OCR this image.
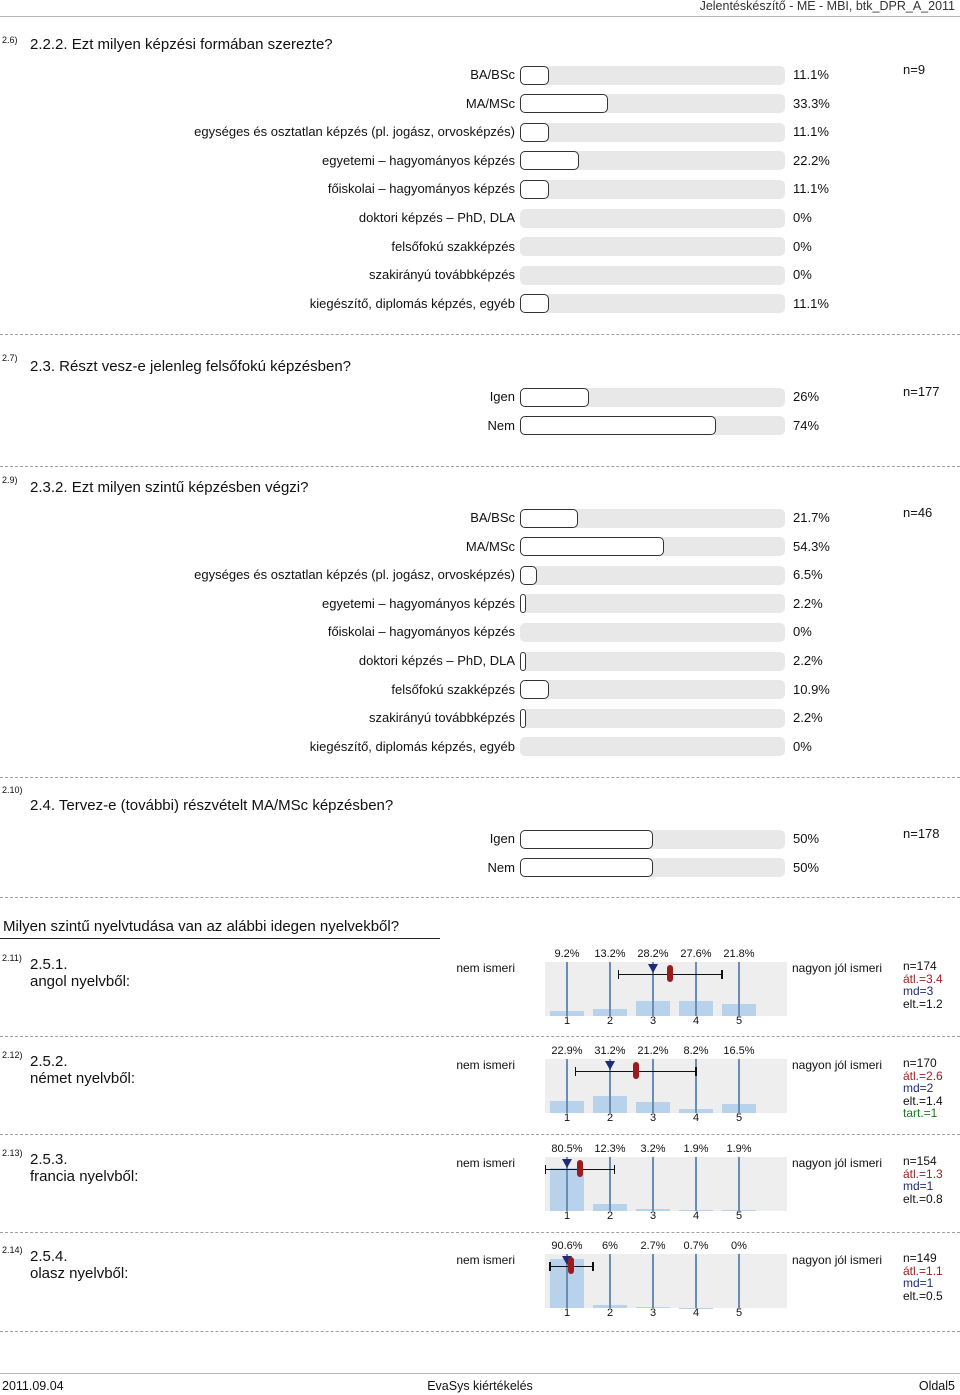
Jelentéskészítő - ME - MBI, btk_DPR_A_2011
Milyen szintű nyelvtudása van az alábbi idegen nyelvekből?
2011.09.04	EvaSys kiértékelés	Oldal5
2.6) 2.2.2. Ezt milyen képzési formában szerezte?
n=9
BA/BSc	11.1%
MA/MSc	33.3%
egységes és osztatlan képzés (pl. jogász, orvosképzés)	11.1%
egyetemi – hagyományos képzés	22.2%
főiskolai – hagyományos képzés	11.1%
doktori képzés – PhD, DLA	0%
felsőfokú szakképzés	0%
szakirányú továbbképzés	0%
kiegészítő, diplomás képzés, egyéb	11.1%
2.7)
2.3. Részt vesz-e jelenleg felsőfokú képzésben?
n=177
Igen	26%
Nem	74%
2.9) 2.3.2. Ezt milyen szintű képzésben végzi?
n=46
BA/BSc	21.7%
MA/MSc	54.3%
egységes és osztatlan képzés (pl. jogász, orvosképzés)	6.5%
egyetemi – hagyományos képzés	2.2%
főiskolai – hagyományos képzés	0%
doktori képzés – PhD, DLA	2.2%
felsőfokú szakképzés	10.9%
szakirányú továbbképzés	2.2%
kiegészítő, diplomás képzés, egyéb	0%
2.10)
2.4. Tervez-e (további) részvételt MA/MSc képzésben?
n=178
Igen	50%
Nem	50%
2.11) 2.5.1.
angol nyelvből:
nem ismeri	nagyon jól ismeri
9.2%
1
13.2%
2
28.2%
3
27.6%
4
21.8%
5
n=174
átl.=3.4
md=3
elt.=1.2
2.12) 2.5.2.
német nyelvből:
nem ismeri	nagyon jól ismeri
22.9%
1
31.2%
2
21.2%
3
8.2%
4
16.5%
5
n=170
átl.=2.6
md=2
elt.=1.4
tart.=1
2.13) 2.5.3.
francia nyelvből:
nem ismeri	nagyon jól ismeri
80.5%
1
12.3%
2
3.2%
3
1.9%
4
1.9%
5
n=154
átl.=1.3
md=1
elt.=0.8
2.14) 2.5.4.
olasz nyelvből:
nem ismeri	nagyon jól ismeri
90.6%
1
6%
2
2.7%
3
0.7%
4
0%
5
n=149
átl.=1.1
md=1
elt.=0.5
